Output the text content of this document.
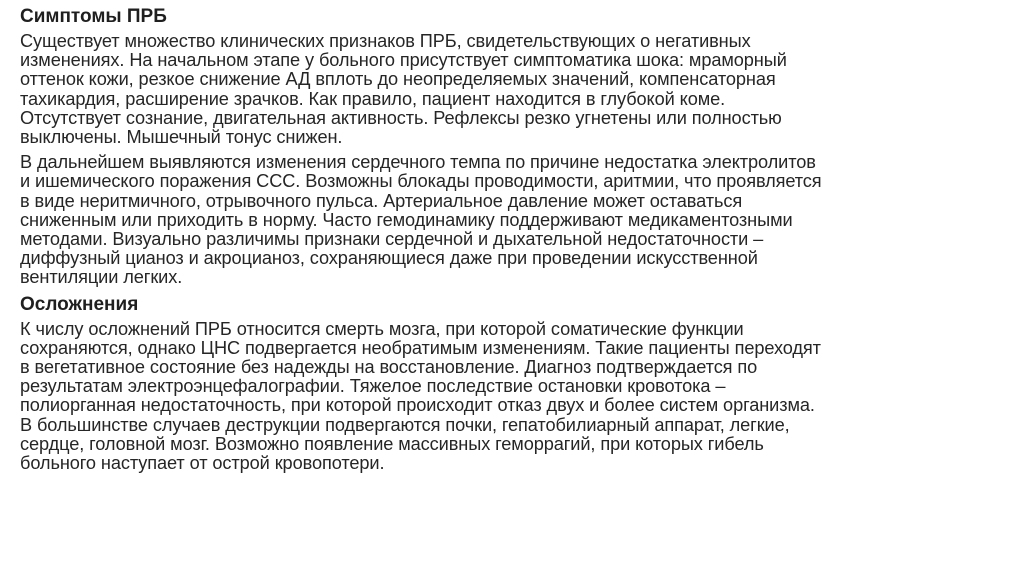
Симптомы ПРБ

Существует множество клинических признаков ПРБ, свидетельствующих о негативных
изменениях. На начальном этапе у больного присутствует симптоматика шока: мраморный
оттенок кожи, резкое снижение АД вплоть до неопределяемых значений, компенсаторная
тахикардия, расширение зрачков. Как правило, пациент находится в глубокой коме.
Отсутствует сознание, двигательная активность. Рефлексы резко угнетены или полностью
выключены. Мышечный тонус снижен.

В дальнейшем выявляются изменения сердечного темпа по причине недостатка электролитов
и ишемического поражения ССС. Возможны блокады проводимости, аритмии, что проявляется
в виде неритмичного, отрывочного пульса. Артериальное давление может оставаться
сниженным или приходить в норму. Часто гемодинамику поддерживают медикаментозными
методами. Визуально различимы признаки сердечной и дыхательной недостаточности –
диффузный цианоз и акроцианоз, сохраняющиеся даже при проведении искусственной
вентиляции легких.

Осложнения

К числу осложнений ПРБ относится смерть мозга, при которой соматические функции
сохраняются, однако ЦНС подвергается необратимым изменениям. Такие пациенты переходят
в вегетативное состояние без надежды на восстановление. Диагноз подтверждается по
результатам электроэнцефалографии. Тяжелое последствие остановки кровотока –
полиорганная недостаточность, при которой происходит отказ двух и более систем организма.
В большинстве случаев деструкции подвергаются почки, гепатобилиарный аппарат, легкие,
сердце, головной мозг. Возможно появление массивных геморрагий, при которых гибель
больного наступает от острой кровопотери.
